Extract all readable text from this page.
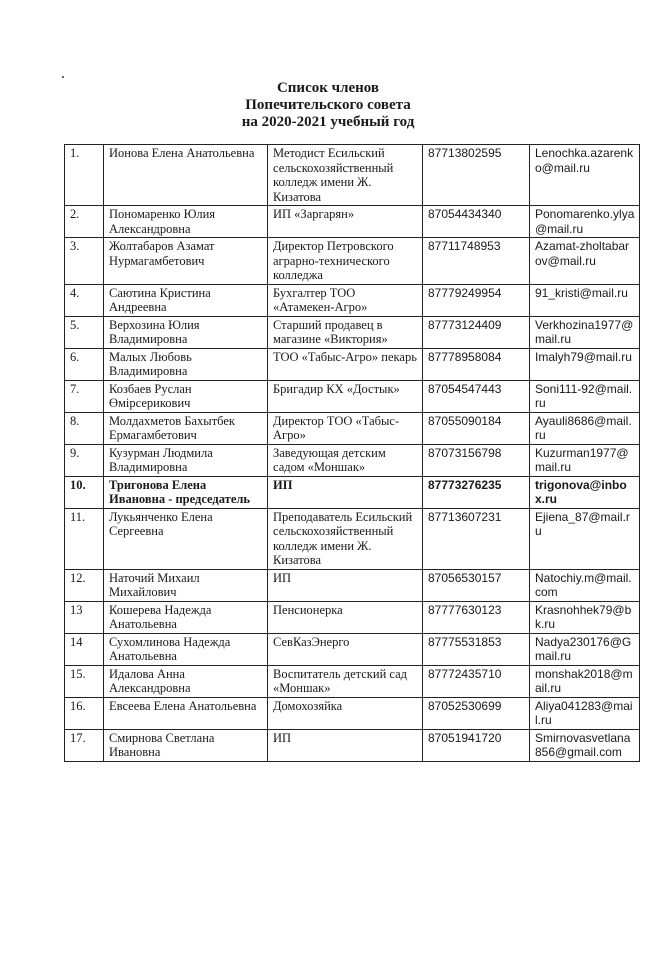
Список членов
Попечительского совета
на 2020-2021 учебный год
1.	Ионова Елена Анатольевна	Методист Есильский сельскохозяйственный колледж имени Ж. Кизатова	87713802595	Lenochka.azarenko@mail.ru
2.	Пономаренко Юлия Александровна	ИП «Заргарян»	87054434340	Ponomarenko.ylya@mail.ru
3.	Жолтабаров Азамат Нурмагамбетович	Директор Петровского аграрно-технического колледжа	87711748953	Azamat-zholtabarov@mail.ru
4.	Саютина Кристина Андреевна	Бухгалтер ТОО «Атамекен-Агро»	87779249954	91_kristi@mail.ru
5.	Верхозина Юлия Владимировна	Старший продавец в магазине «Виктория»	87773124409	Verkhozina1977@mail.ru
6.	Малых Любовь Владимировна	ТОО «Табыс-Агро» пекарь	87778958084	Imalyh79@mail.ru
7.	Козбаев Руслан Өмірсерикович	Бригадир КХ «Достык»	87054547443	Soni111-92@mail.ru
8.	Молдахметов Бахытбек Ермагамбетович	Директор ТОО «Табыс-Агро»	87055090184	Ayauli8686@mail.ru
9.	Кузурман Людмила Владимировна	Заведующая детским садом «Моншак»	87073156798	Kuzurman1977@mail.ru
10.	Тригонова Елена Ивановна - председатель	ИП	87773276235	trigonova@inbox.ru
11.	Лукьянченко Елена Сергеевна	Преподаватель Есильский сельскохозяйственный колледж имени Ж. Кизатова	87713607231	Ejiena_87@mail.ru
12.	Наточий Михаил Михайлович	ИП	87056530157	Natochiy.m@mail.com
13	Кошерева Надежда Анатольевна	Пенсионерка	87777630123	Krasnohhek79@bk.ru
14	Сухомлинова Надежда Анатольевна	СевКазЭнерго	87775531853	Nadya230176@Gmail.ru
15.	Идалова Анна Александровна	Воспитатель детский сад «Моншак»	87772435710	monshak2018@mail.ru
16.	Евсеева Елена Анатольевна	Домохозяйка	87052530699	Aliya041283@mail.ru
17.	Смирнова Светлана Ивановна	ИП	87051941720	Smirnovasvetlana856@gmail.com
